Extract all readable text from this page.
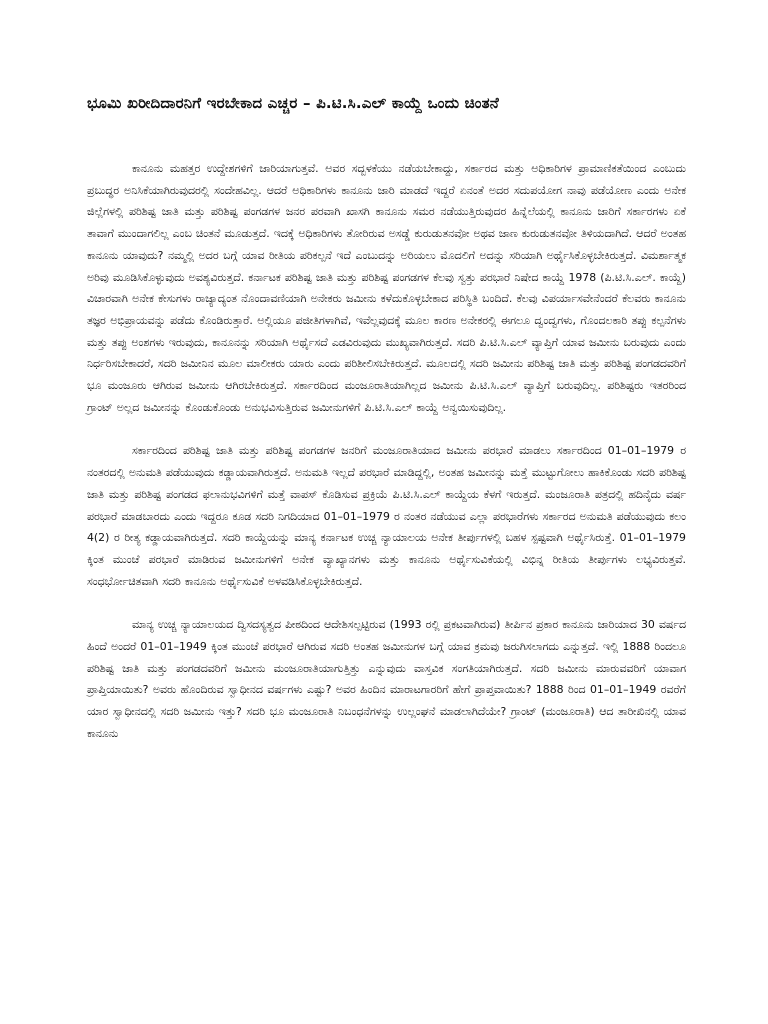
ಭೂಮಿ ಖರೀದಿದಾರನಿಗೆ ಇರಬೇಕಾದ ಎಚ್ಚರ – ಪಿ.ಟಿ.ಸಿ.ಎಲ್ ಕಾಯ್ದೆ ಒಂದು ಚಿಂತನೆ

ಕಾನೂನು ಮಹತ್ತರ ಉದ್ದೇಶಗಳಿಗೆ ಜಾರಿಯಾಗುತ್ತವೆ. ಅವರ ಸದ್ಬಳಕೆಯು ನಡೆಯಬೇಕಾದ್ದು, ಸರ್ಕಾರದ ಮತ್ತು ಅಧಿಕಾರಿಗಳ ಪ್ರಾಮಾಣಿಕತೆಯಿಂದ ಎಂಬುದು ಪ್ರಬುದ್ಧರ ಅನಿಸಿಕೆಯಾಗಿರುವುದರಲ್ಲಿ ಸಂದೇಹವಿಲ್ಲ. ಆದರೆ ಅಧಿಕಾರಿಗಳು ಕಾನೂನು ಜಾರಿ ಮಾಡದೆ ಇದ್ದರೆ ಏನಂತೆ ಅದರ ಸದುಪಯೋಗ ನಾವು ಪಡೆಯೋಣ ಎಂದು ಅನೇಕ ಜಿಲ್ಲೆಗಳಲ್ಲಿ ಪರಿಶಿಷ್ಟ ಜಾತಿ ಮತ್ತು ಪರಿಶಿಷ್ಟ ಪಂಗಡಗಳ ಜನರ ಪರವಾಗಿ ಖಾಸಗಿ ಕಾನೂನು ಸಮರ ನಡೆಯುತ್ತಿರುವುದರ ಹಿನ್ನೆಲೆಯಲ್ಲಿ ಕಾನೂನು ಜಾರಿಗೆ ಸರ್ಕಾರಗಳು ಏಕೆ ತಾವಾಗೆ ಮುಂದಾಗಲಿಲ್ಲ ಎಂಬ ಚಿಂತನೆ ಮೂಡುತ್ತದೆ. ಇದಕ್ಕೆ ಅಧಿಕಾರಿಗಳು ತೋರಿರುವ ಅಸಡ್ಡೆ ಕುರುಡುತನವೋ ಅಥವ ಜಾಣ ಕುರುಡುತನವೋ ತಿಳಿಯದಾಗಿದೆ. ಆದರೆ ಅಂತಹ ಕಾನೂನು ಯಾವುದು? ನಮ್ಮಲ್ಲಿ ಅದರ ಬಗ್ಗೆ ಯಾವ ರೀತಿಯ ಪರಿಕಲ್ಪನೆ ಇದೆ ಎಂಬುದನ್ನು ಅರಿಯಲು ಮೊದಲಿಗೆ ಅದನ್ನು ಸರಿಯಾಗಿ ಅರ್ಥೈಸಿಕೊಳ್ಳಬೇಕಿರುತ್ತದೆ. ವಿಮರ್ಶಾತ್ಮಕ ಅರಿವು ಮೂಡಿಸಿಕೊಳ್ಳುವುದು ಅವಶ್ಯವಿರುತ್ತದೆ. ಕರ್ನಾಟಕ ಪರಿಶಿಷ್ಟ ಜಾತಿ ಮತ್ತು ಪರಿಶಿಷ್ಟ ಪಂಗಡಗಳ ಕೆಲವು ಸ್ವತ್ತು ಪರಭಾರೆ ನಿಷೇದ ಕಾಯ್ದೆ 1978 (ಪಿ.ಟಿ.ಸಿ.ಎಲ್. ಕಾಯ್ದೆ) ವಿಚಾರವಾಗಿ ಅನೇಕ ಕೇಸುಗಳು ರಾಜ್ಯಾದ್ಯಂತ ನೊಂದಾವಣಿಯಾಗಿ ಅನೇಕರು ಜಮೀನು ಕಳೆದುಕೊಳ್ಳಬೇಕಾದ ಪರಿಸ್ಥಿತಿ ಬಂದಿದೆ. ಕೆಲವು ವಿಪರ್ಯಾಸವೇನೆಂದರೆ ಕೆಲವರು ಕಾನೂನು ತಜ್ಞರ ಅಭಿಪ್ರಾಯವನ್ನು ಪಡೆದು ಕೊಂಡಿರುತ್ತಾರೆ. ಅಲ್ಲಿಯೂ ಪಜೀತಿಗಳಾಗಿವೆ, ಇವೆಲ್ಲವುದಕ್ಕೆ ಮೂಲ ಕಾರಣ ಅನೇಕರಲ್ಲಿ ಈಗಲೂ ದ್ವಂದ್ವಗಳು, ಗೊಂದಲಕಾರಿ ತಪ್ಪು ಕಲ್ಪನೆಗಳು ಮತ್ತು ತಪ್ಪು ಅಂಶಗಳು ಇರುವುದು, ಕಾನೂನನ್ನು ಸರಿಯಾಗಿ ಅರ್ಥೈಸದೆ ಎಡವಿರುವುದು ಮುಖ್ಯವಾಗಿರುತ್ತದೆ. ಸದರಿ ಪಿ.ಟಿ.ಸಿ.ಎಲ್ ವ್ಯಾಪ್ತಿಗೆ ಯಾವ ಜಮೀನು ಬರುವುದು ಎಂದು ನಿರ್ಧರಿಸಬೇಕಾದರೆ, ಸದರಿ ಜಮೀನಿನ ಮೂಲ ಮಾಲೀಕರು ಯಾರು ಎಂದು ಪರಿಶೀಲಿಸಬೇಕಿರುತ್ತದೆ. ಮೂಲದಲ್ಲಿ ಸದರಿ ಜಮೀನು ಪರಿಶಿಷ್ಟ ಜಾತಿ ಮತ್ತು ಪರಿಶಿಷ್ಟ ಪಂಗಡದವರಿಗೆ ಭೂ ಮಂಜೂರು ಆಗಿರುವ ಜಮೀನು ಆಗಿರಬೇಕಿರುತ್ತದೆ. ಸರ್ಕಾರದಿಂದ ಮಂಜೂರಾತಿಯಾಗಿಲ್ಲದ ಜಮೀನು ಪಿ.ಟಿ.ಸಿ.ಎಲ್ ವ್ಯಾಪ್ತಿಗೆ ಬರುವುದಿಲ್ಲ. ಪರಿಶಿಷ್ಟರು ಇತರರಿಂದ ಗ್ರಾಂಟ್ ಅಲ್ಲದ ಜಮೀನನ್ನು ಕೊಂಡುಕೊಂಡು ಅನುಭವಿಸುತ್ತಿರುವ ಜಮೀನುಗಳಿಗೆ ಪಿ.ಟಿ.ಸಿ.ಎಲ್ ಕಾಯ್ದೆ ಅನ್ವಯಿಸುವುದಿಲ್ಲ.

ಸರ್ಕಾರದಿಂದ ಪರಿಶಿಷ್ಟ ಜಾತಿ ಮತ್ತು ಪರಿಶಿಷ್ಟ ಪಂಗಡಗಳ ಜನರಿಗೆ ಮಂಜೂರಾತಿಯಾದ ಜಮೀನು ಪರಭಾರೆ ಮಾಡಲು ಸರ್ಕಾರದಿಂದ 01–01–1979 ರ ನಂತರದಲ್ಲಿ ಅನುಮತಿ ಪಡೆಯುವುದು ಕಡ್ಡಾಯವಾಗಿರುತ್ತದೆ. ಅನುಮತಿ ಇಲ್ಲದೆ ಪರಭಾರೆ ಮಾಡಿದ್ದಲ್ಲಿ, ಅಂತಹ ಜಮೀನನ್ನು ಮತ್ತೆ ಮುಟ್ಟುಗೋಲು ಹಾಕಿಕೊಂಡು ಸದರಿ ಪರಿಶಿಷ್ಟ ಜಾತಿ ಮತ್ತು ಪರಿಶಿಷ್ಟ ಪಂಗಡದ ಫಲಾನುಭವಿಗಳಿಗೆ ಮತ್ತೆ ವಾಪಸ್ ಕೊಡಿಸುವ ಪ್ರಕ್ರಿಯೆ ಪಿ.ಟಿ.ಸಿ.ಎಲ್ ಕಾಯ್ದೆಯ ಕೆಳಗೆ ಇರುತ್ತದೆ. ಮಂಜೂರಾತಿ ಪತ್ರದಲ್ಲಿ ಹದಿನೈದು ವರ್ಷ ಪರಭಾರೆ ಮಾಡಬಾರದು ಎಂದು ಇದ್ದರೂ ಕೂಡ ಸದರಿ ನಿಗದಿಯಾದ 01–01–1979 ರ ನಂತರ ನಡೆಯುವ ಎಲ್ಲಾ ಪರಭಾರೆಗಳು ಸರ್ಕಾರದ ಅನುಮತಿ ಪಡೆಯುವುದು ಕಲಂ 4(2) ರ ರೀತ್ಯ ಕಡ್ಡಾಯವಾಗಿರುತ್ತದೆ. ಸದರಿ ಕಾಯ್ದೆಯನ್ನು ಮಾನ್ಯ ಕರ್ನಾಟಕ ಉಚ್ಚ ನ್ಯಾಯಾಲಯ ಅನೇಕ ತೀರ್ಪುಗಳಲ್ಲಿ ಬಹಳ ಸ್ಪಷ್ಟವಾಗಿ ಅರ್ಥೈಸಿರುತ್ತೆ. 01–01–1979 ಕ್ಕಿಂತ ಮುಂಚೆ ಪರಭಾರೆ ಮಾಡಿರುವ ಜಮೀನುಗಳಿಗೆ ಅನೇಕ ವ್ಯಾಖ್ಯಾನಗಳು ಮತ್ತು ಕಾನೂನು ಅರ್ಥೈಸುವಿಕೆಯಲ್ಲಿ ವಿಭಿನ್ನ ರೀತಿಯ ತೀರ್ಪುಗಳು ಲಭ್ಯವಿರುತ್ತವೆ. ಸಂಧರ್ಭೋಚಿತವಾಗಿ ಸದರಿ ಕಾನೂನು ಅರ್ಥೈಸುವಿಕೆ ಅಳವಡಿಸಿಕೊಳ್ಳಬೇಕಿರುತ್ತದೆ.

ಮಾನ್ಯ ಉಚ್ಚ ನ್ಯಾಯಾಲಯದ ದ್ವಿಸದಸ್ಯತ್ವದ ಪೀಠದಿಂದ ಆದೇಶಿಸಲ್ಪಟ್ಟಿರುವ (1993 ರಲ್ಲಿ ಪ್ರಕಟವಾಗಿರುವ) ತೀರ್ಪಿನ ಪ್ರಕಾರ ಕಾನೂನು ಜಾರಿಯಾದ 30 ವರ್ಷದ ಹಿಂದೆ ಅಂದರೆ 01–01–1949 ಕ್ಕಿಂತ ಮುಂಚೆ ಪರಭಾರೆ ಆಗಿರುವ ಸದರಿ ಅಂತಹ ಜಮೀನುಗಳ ಬಗ್ಗೆ ಯಾವ ಕ್ರಮವು ಜರುಗಿಸಲಾಗದು ಎನ್ನುತ್ತದೆ. ಇಲ್ಲಿ 1888 ರಿಂದಲೂ ಪರಿಶಿಷ್ಟ ಜಾತಿ ಮತ್ತು ಪಂಗಡದವರಿಗೆ ಜಮೀನು ಮಂಜೂರಾತಿಯಾಗುತ್ತಿತ್ತು ಎನ್ನುವುದು ವಾಸ್ತವಿಕ ಸಂಗತಿಯಾಗಿರುತ್ತದೆ. ಸದರಿ ಜಮೀನು ಮಾರುವವರಿಗೆ ಯಾವಾಗ ಪ್ರಾಪ್ತಿಯಾಯಿತು? ಅವರು ಹೊಂದಿರುವ ಸ್ವಾಧೀನದ ವರ್ಷಗಳು ಎಷ್ಟು? ಅವರ ಹಿಂದಿನ ಮಾರಾಟಗಾರರಿಗೆ ಹೇಗೆ ಪ್ರಾಪ್ತವಾಯಿತು? 1888 ರಿಂದ 01–01–1949 ರವರೆಗೆ ಯಾರ ಸ್ವಾಧೀನದಲ್ಲಿ ಸದರಿ ಜಮೀನು ಇತ್ತು? ಸದರಿ ಭೂ ಮಂಜೂರಾತಿ ನಿಬಂಧನೆಗಳನ್ನು ಉಲ್ಲಂಘನೆ ಮಾಡಲಾಗಿದೆಯೇ? ಗ್ರಾಂಟ್ (ಮಂಜೂರಾತಿ) ಆದ ತಾರೀಖಿನಲ್ಲಿ ಯಾವ ಕಾನೂನು
